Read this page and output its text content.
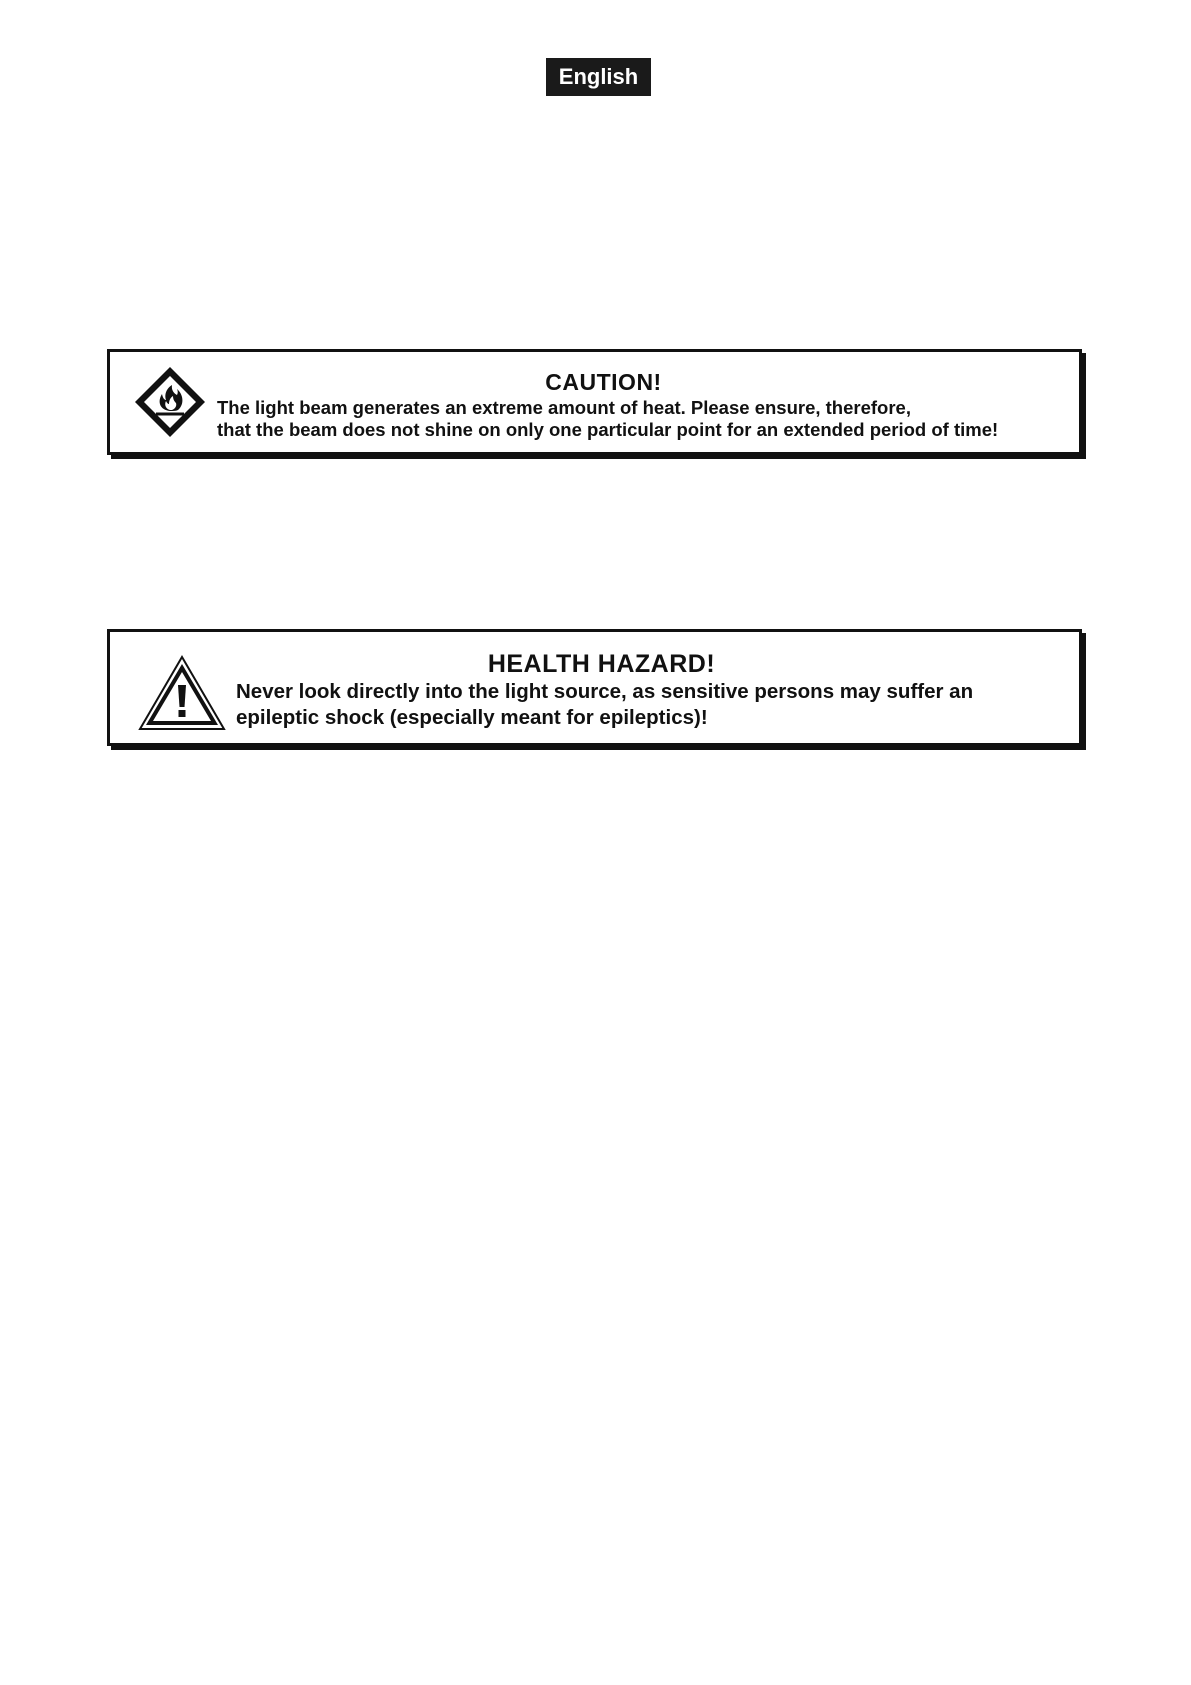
English
CAUTION!
The light beam generates an extreme amount of heat. Please ensure, therefore,
that the beam does not shine on only one particular point for an extended period of time!
HEALTH HAZARD!
Never look directly into the light source, as sensitive persons may suffer an
epileptic shock (especially meant for epileptics)!
